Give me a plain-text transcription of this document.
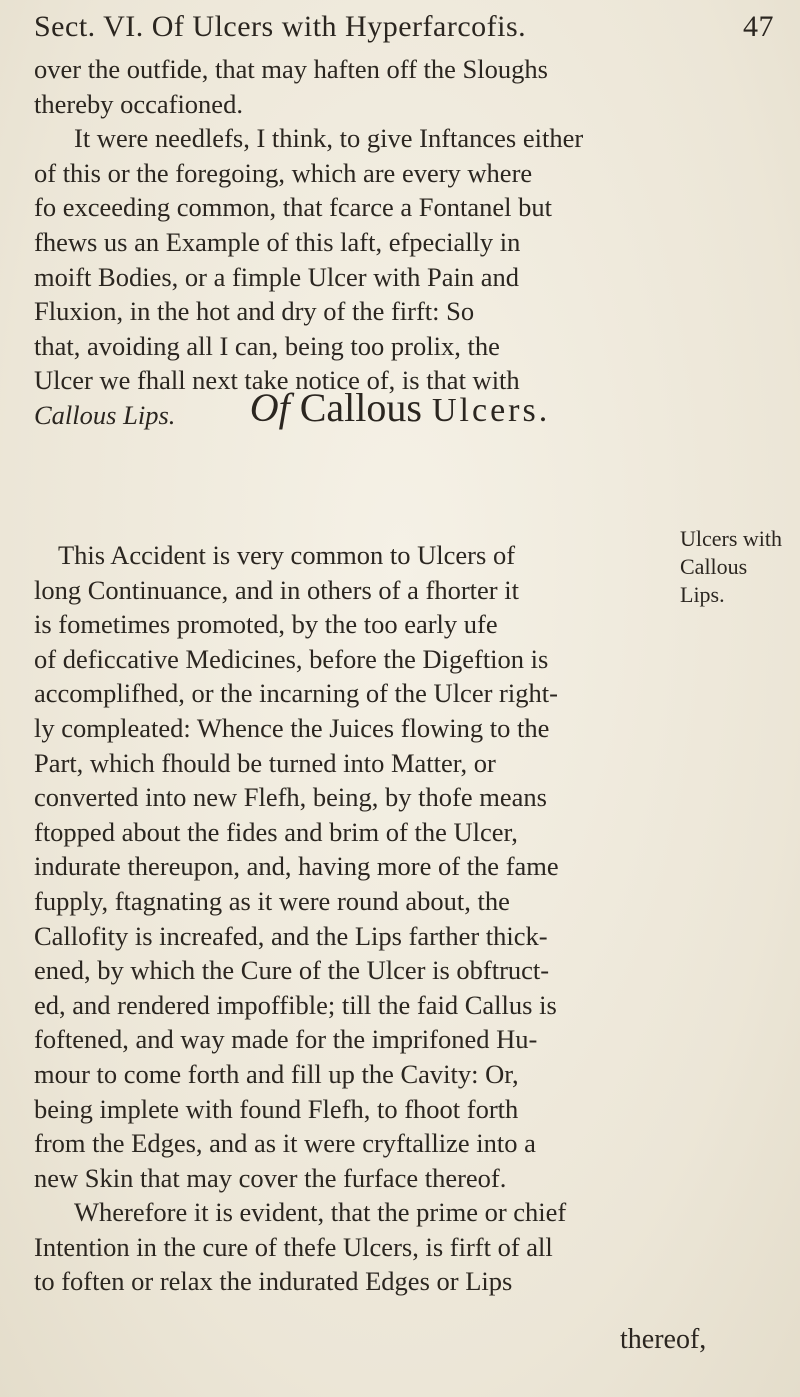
Sect. VI. Of Ulcers with Hyperfarcofis.	47
over the outfide, that may haften off the Sloughs
thereby occafioned.
It were needlefs, I think, to give Inftances either
of this or the foregoing, which are every where
fo exceeding common, that fcarce a Fontanel but
fhews us an Example of this laft, efpecially in
moift Bodies, or a fimple Ulcer with Pain and
Fluxion, in the hot and dry of the firft: So
that, avoiding all I can, being too prolix, the
Ulcer we fhall next take notice of, is that with
Callous Lips.	Of Callous Ulcers.
Ulcers with
Callous
Lips.
This Accident is very common to Ulcers of
long Continuance, and in others of a fhorter it
is fometimes promoted, by the too early ufe
of deficcative Medicines, before the Digeftion is
accomplifhed, or the incarning of the Ulcer right-
ly compleated: Whence the Juices flowing to the
Part, which fhould be turned into Matter, or
converted into new Flefh, being, by thofe means
ftopped about the fides and brim of the Ulcer,
indurate thereupon, and, having more of the fame
fupply, ftagnating as it were round about, the
Callofity is increafed, and the Lips farther thick-
ened, by which the Cure of the Ulcer is obftruct-
ed, and rendered impoffible; till the faid Callus is
foftened, and way made for the imprifoned Hu-
mour to come forth and fill up the Cavity: Or,
being implete with found Flefh, to fhoot forth
from the Edges, and as it were cryftallize into a
new Skin that may cover the furface thereof.
Wherefore it is evident, that the prime or chief
Intention in the cure of thefe Ulcers, is firft of all
to foften or relax the indurated Edges or Lips
thereof,
